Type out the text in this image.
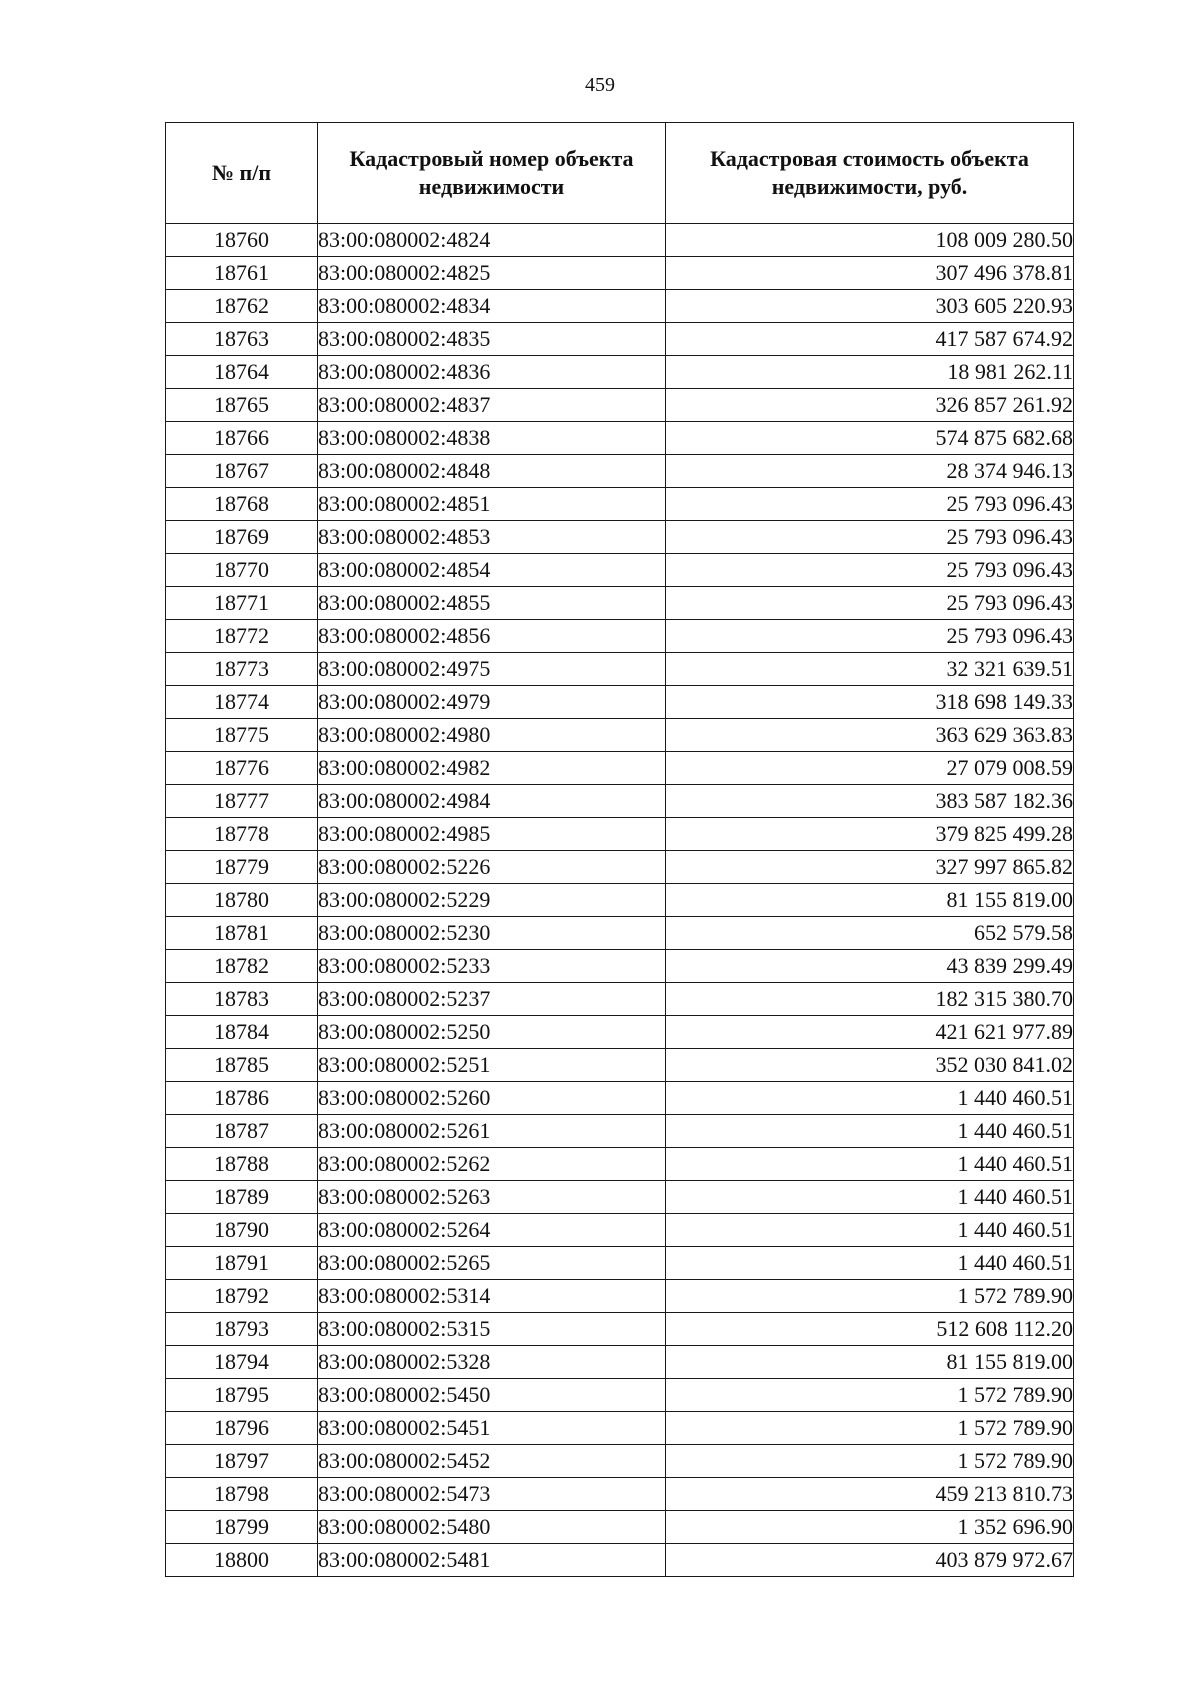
459
№ п/п	Кадастровый номер объекта недвижимости	Кадастровая стоимость объекта недвижимости, руб.
18760	83:00:080002:4824	108 009 280.50
18761	83:00:080002:4825	307 496 378.81
18762	83:00:080002:4834	303 605 220.93
18763	83:00:080002:4835	417 587 674.92
18764	83:00:080002:4836	18 981 262.11
18765	83:00:080002:4837	326 857 261.92
18766	83:00:080002:4838	574 875 682.68
18767	83:00:080002:4848	28 374 946.13
18768	83:00:080002:4851	25 793 096.43
18769	83:00:080002:4853	25 793 096.43
18770	83:00:080002:4854	25 793 096.43
18771	83:00:080002:4855	25 793 096.43
18772	83:00:080002:4856	25 793 096.43
18773	83:00:080002:4975	32 321 639.51
18774	83:00:080002:4979	318 698 149.33
18775	83:00:080002:4980	363 629 363.83
18776	83:00:080002:4982	27 079 008.59
18777	83:00:080002:4984	383 587 182.36
18778	83:00:080002:4985	379 825 499.28
18779	83:00:080002:5226	327 997 865.82
18780	83:00:080002:5229	81 155 819.00
18781	83:00:080002:5230	652 579.58
18782	83:00:080002:5233	43 839 299.49
18783	83:00:080002:5237	182 315 380.70
18784	83:00:080002:5250	421 621 977.89
18785	83:00:080002:5251	352 030 841.02
18786	83:00:080002:5260	1 440 460.51
18787	83:00:080002:5261	1 440 460.51
18788	83:00:080002:5262	1 440 460.51
18789	83:00:080002:5263	1 440 460.51
18790	83:00:080002:5264	1 440 460.51
18791	83:00:080002:5265	1 440 460.51
18792	83:00:080002:5314	1 572 789.90
18793	83:00:080002:5315	512 608 112.20
18794	83:00:080002:5328	81 155 819.00
18795	83:00:080002:5450	1 572 789.90
18796	83:00:080002:5451	1 572 789.90
18797	83:00:080002:5452	1 572 789.90
18798	83:00:080002:5473	459 213 810.73
18799	83:00:080002:5480	1 352 696.90
18800	83:00:080002:5481	403 879 972.67
